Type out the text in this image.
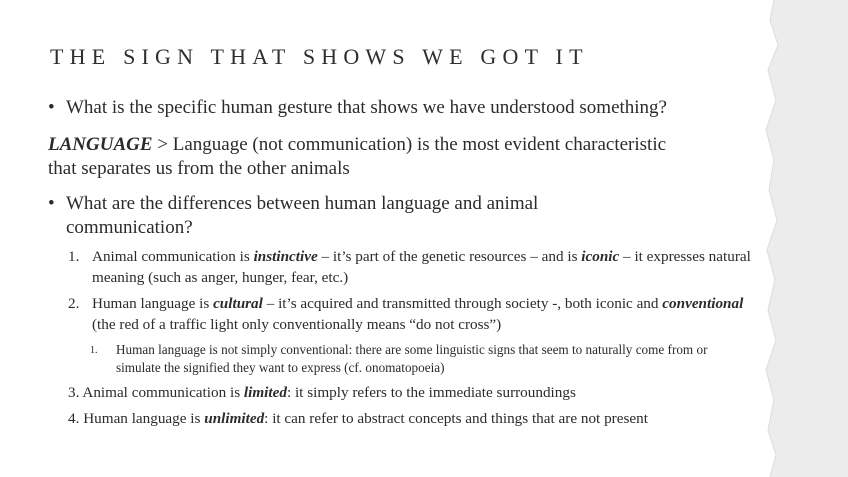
THE SIGN THAT SHOWS WE GOT IT
• What is the specific human gesture that shows we have understood something?
LANGUAGE > Language (not communication) is the most evident characteristic that separates us from the other animals
• What are the differences between human language and animal communication?
1. Animal communication is instinctive – it’s part of the genetic resources – and is iconic – it expresses natural meaning (such as anger, hunger, fear, etc.)
2. Human language is cultural – it’s acquired and transmitted through society -, both iconic and conventional (the red of a traffic light only conventionally means “do not cross”)
1. Human language is not simply conventional: there are some linguistic signs that seem to naturally come from or simulate the signified they want to express (cf. onomatopoeia)
3. Animal communication is limited: it simply refers to the immediate surroundings
4. Human language is unlimited: it can refer to abstract concepts and things that are not present
